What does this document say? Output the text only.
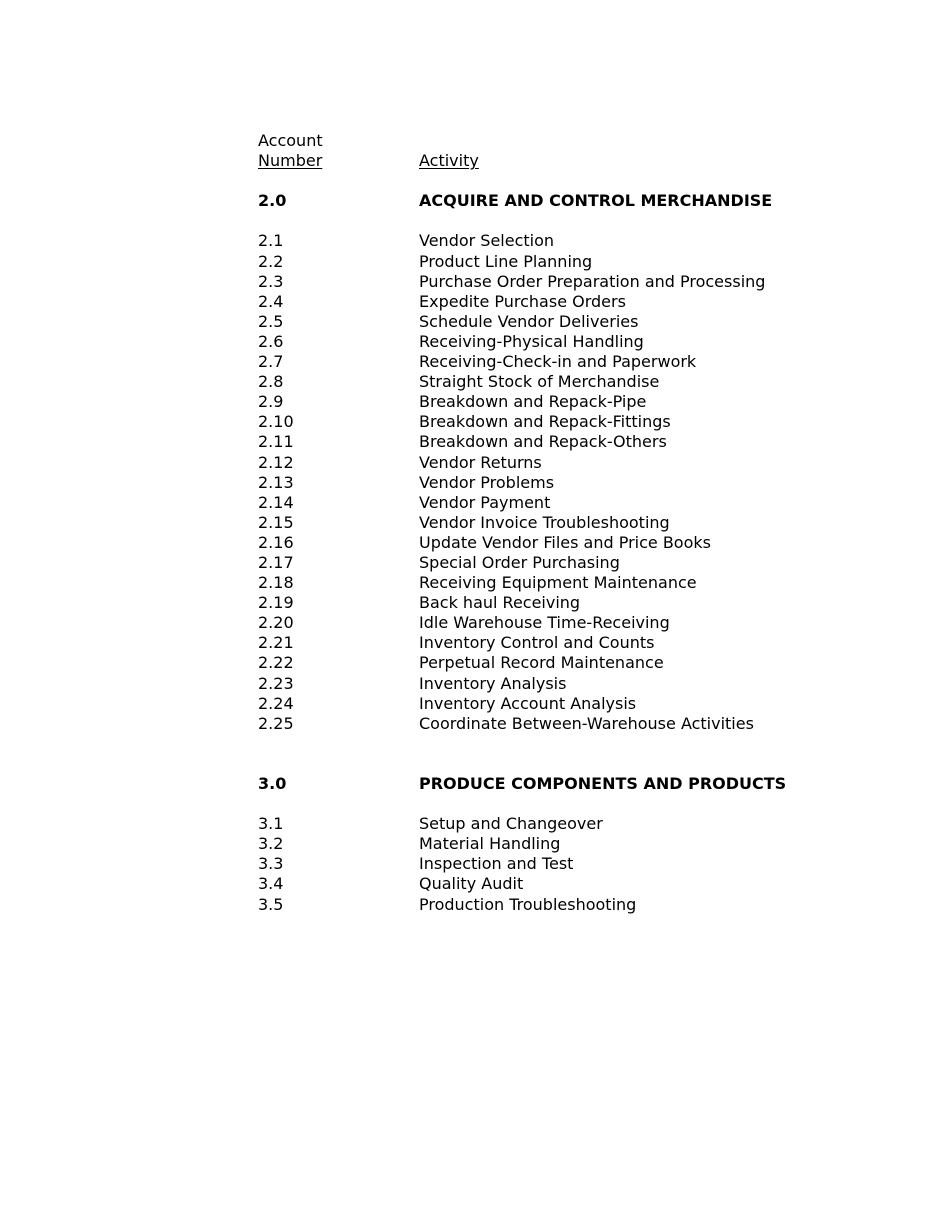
Account
Number	Activity
2.0	ACQUIRE AND CONTROL MERCHANDISE
2.1	Vendor Selection
2.2	Product Line Planning
2.3	Purchase Order Preparation and Processing
2.4	Expedite Purchase Orders
2.5	Schedule Vendor Deliveries
2.6	Receiving-Physical Handling
2.7	Receiving-Check-in and Paperwork
2.8	Straight Stock of Merchandise
2.9	Breakdown and Repack-Pipe
2.10	Breakdown and Repack-Fittings
2.11	Breakdown and Repack-Others
2.12	Vendor Returns
2.13	Vendor Problems
2.14	Vendor Payment
2.15	Vendor Invoice Troubleshooting
2.16	Update Vendor Files and Price Books
2.17	Special Order Purchasing
2.18	Receiving Equipment Maintenance
2.19	Back haul Receiving
2.20	Idle Warehouse Time-Receiving
2.21	Inventory Control and Counts
2.22	Perpetual Record Maintenance
2.23	Inventory Analysis
2.24	Inventory Account Analysis
2.25	Coordinate Between-Warehouse Activities
3.0	PRODUCE COMPONENTS AND PRODUCTS
3.1	Setup and Changeover
3.2	Material Handling
3.3	Inspection and Test
3.4	Quality Audit
3.5	Production Troubleshooting
